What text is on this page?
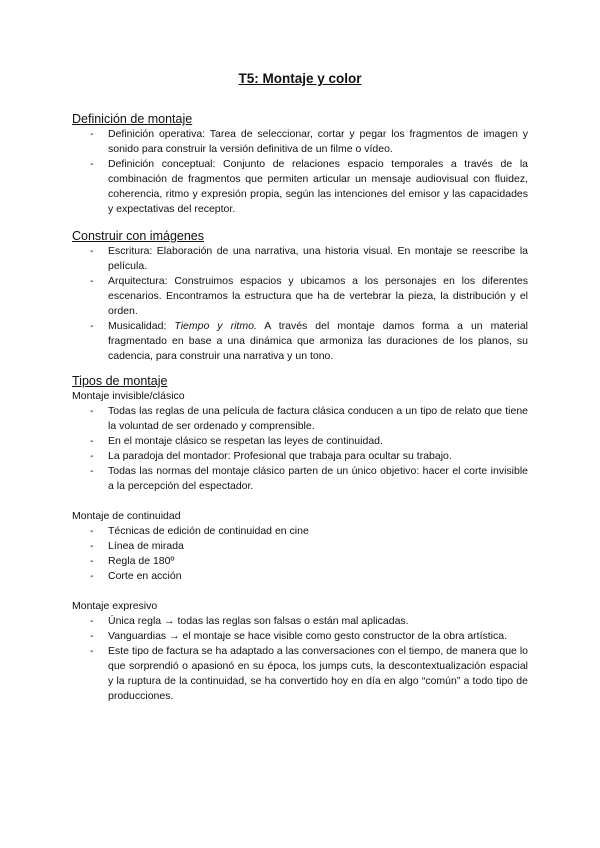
T5: Montaje y color

Definición de montaje

- Definición operativa: Tarea de seleccionar, cortar y pegar los fragmentos de imagen y sonido para construir la versión definitiva de un filme o vídeo.
- Definición conceptual: Conjunto de relaciones espacio temporales a través de la combinación de fragmentos que permiten articular un mensaje audiovisual con fluidez, coherencia, ritmo y expresión propia, según las intenciones del emisor y las capacidades y expectativas del receptor.

Construir con imágenes

- Escritura: Elaboración de una narrativa, una historia visual. En montaje se reescribe la película.
- Arquitectura: Construimos espacios y ubicamos a los personajes en los diferentes escenarios. Encontramos la estructura que ha de vertebrar la pieza, la distribución y el orden.
- Musicalidad: Tiempo y ritmo. A través del montaje damos forma a un material fragmentado en base a una dinámica que armoniza las duraciones de los planos, su cadencia, para construir una narrativa y un tono.

Tipos de montaje

Montaje invisible/clásico

- Todas las reglas de una película de factura clásica conducen a un tipo de relato que tiene la voluntad de ser ordenado y comprensible.
- En el montaje clásico se respetan las leyes de continuidad.
- La paradoja del montador: Profesional que trabaja para ocultar su trabajo.
- Todas las normas del montaje clásico parten de un único objetivo: hacer el corte invisible a la percepción del espectador.

Montaje de continuidad

- Técnicas de edición de continuidad en cine
- Línea de mirada
- Regla de 180º
- Corte en acción

Montaje expresivo

- Única regla → todas las reglas son falsas o están mal aplicadas.
- Vanguardias → el montaje se hace visible como gesto constructor de la obra artística.
- Este tipo de factura se ha adaptado a las conversaciones con el tiempo, de manera que lo que sorprendió o apasionó en su época, los jumps cuts, la descontextualización espacial y la ruptura de la continuidad, se ha convertido hoy en día en algo “común” a todo tipo de producciones.
